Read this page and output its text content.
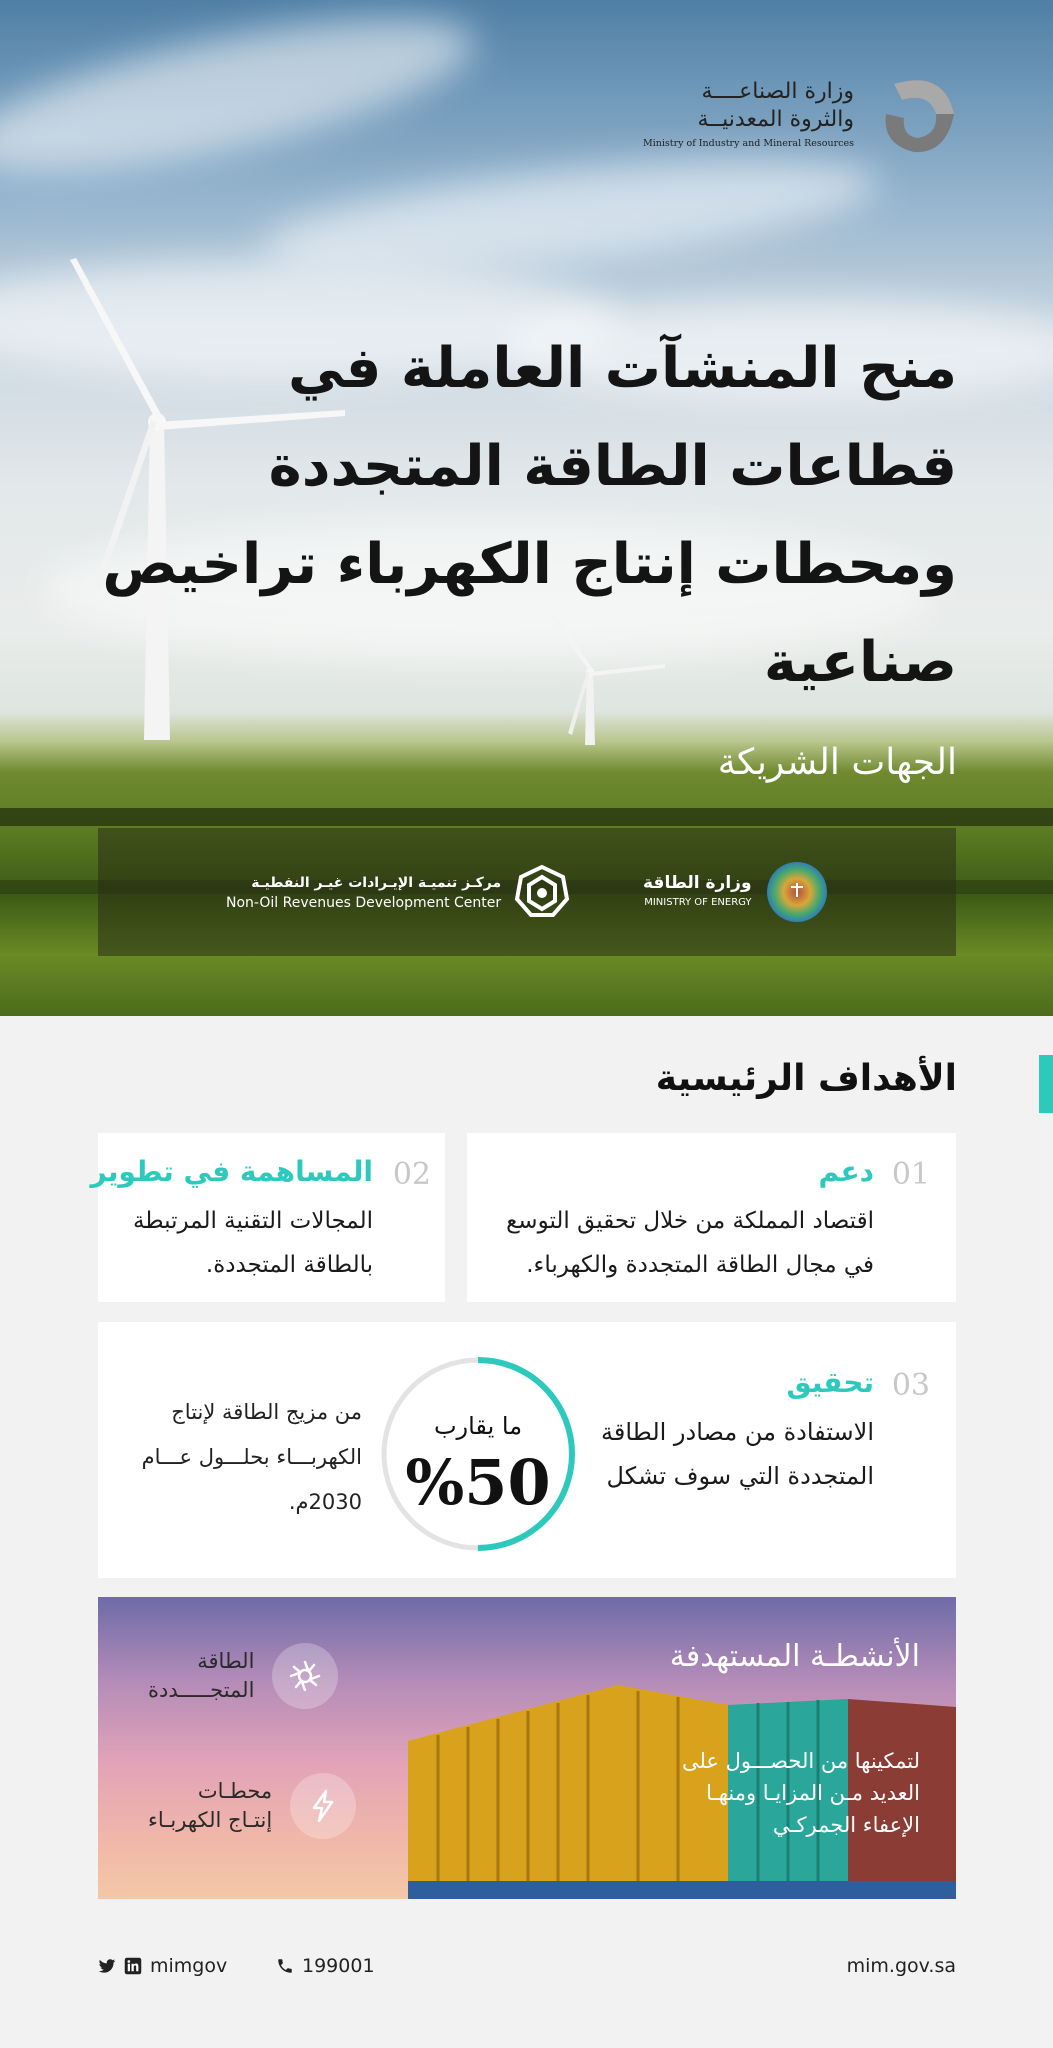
وزارة الصناعــــة
والثروة المعدنيــة
Ministry of Industry and Mineral Resources
منح المنشآت العاملة في قطاعات الطاقة المتجددة ومحطات إنتاج الكهرباء تراخيص صناعية
الجهات الشريكة
وزارة الطاقة
MINISTRY OF ENERGY
مركـز تنميـة الإيـرادات غيـر النفطيـة
Non-Oil Revenues Development Center
الأهداف الرئيسية
01
دعم
اقتصاد المملكة من خلال تحقيق التوسع في مجال الطاقة المتجددة والكهرباء.
02
المساهمة في تطوير
المجالات التقنية المرتبطة بالطاقة المتجددة.
03
تحقيق
الاستفادة من مصادر الطاقة المتجددة التي سوف تشكل
ما يقارب
%50
من مزيج الطاقة لإنتاج الكهربـــاء بحلـــول عـــام 2030م.
الأنشطـة المستهدفة
لتمكينها من الحصـــول على العديد مـن المزايـا ومنهـا الإعفاء الجمركـي
الطاقة
المتجـــــددة
محطـات
إنتـاج الكهربـاء
mimgov	199001	mim.gov.sa
